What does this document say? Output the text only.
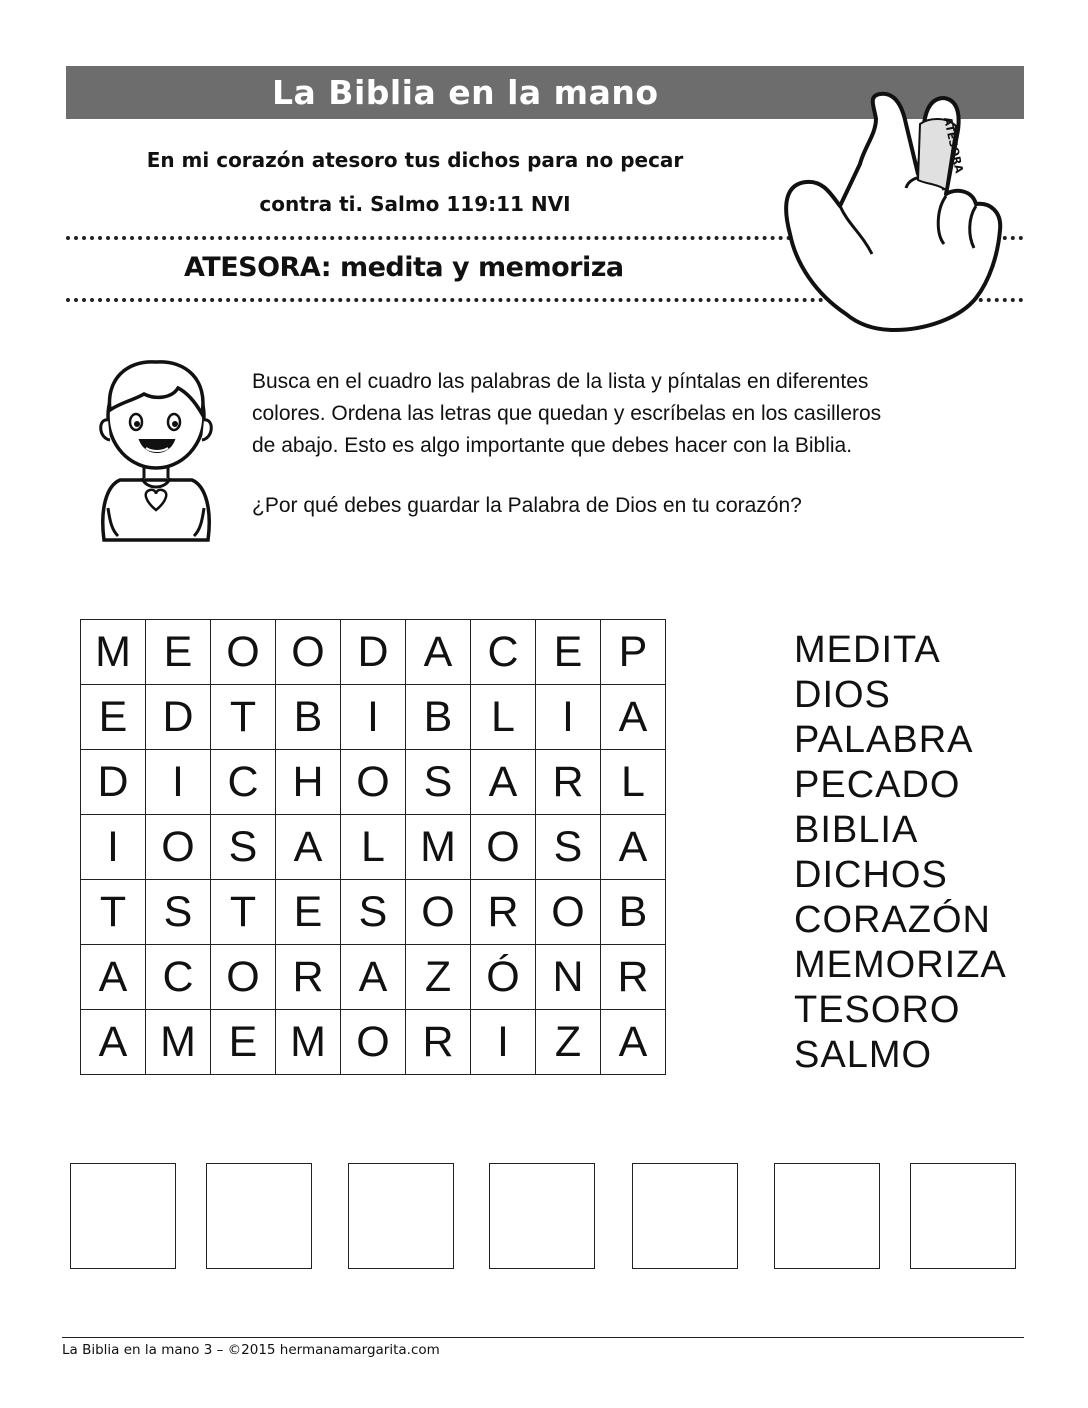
La Biblia en la mano

En mi corazón atesoro tus dichos para no pecar

contra ti. Salmo 119:11 NVI

ATESORA: medita y memoriza
ATESORA

Busca en el cuadro las palabras de la lista y píntalas en diferentes

colores. Ordena las letras que quedan y escríbelas en los casilleros

de abajo. Esto es algo importante que debes hacer con la Biblia.

¿Por qué debes guardar la Palabra de Dios en tu corazón?

M	E	O	O	D	A	C	E	P
E	D	T	B	I	B	L	I	A
D	I	C	H	O	S	A	R	L
I	O	S	A	L	M	O	S	A
T	S	T	E	S	O	R	O	B
A	C	O	R	A	Z	Ó	N	R
A	M	E	M	O	R	I	Z	A
MEDITA
DIOS
PALABRA
PECADO
BIBLIA
DICHOS
CORAZÓN
MEMORIZA
TESORO
SALMO

La Biblia en la mano 3 – ©2015 hermanamargarita.com
